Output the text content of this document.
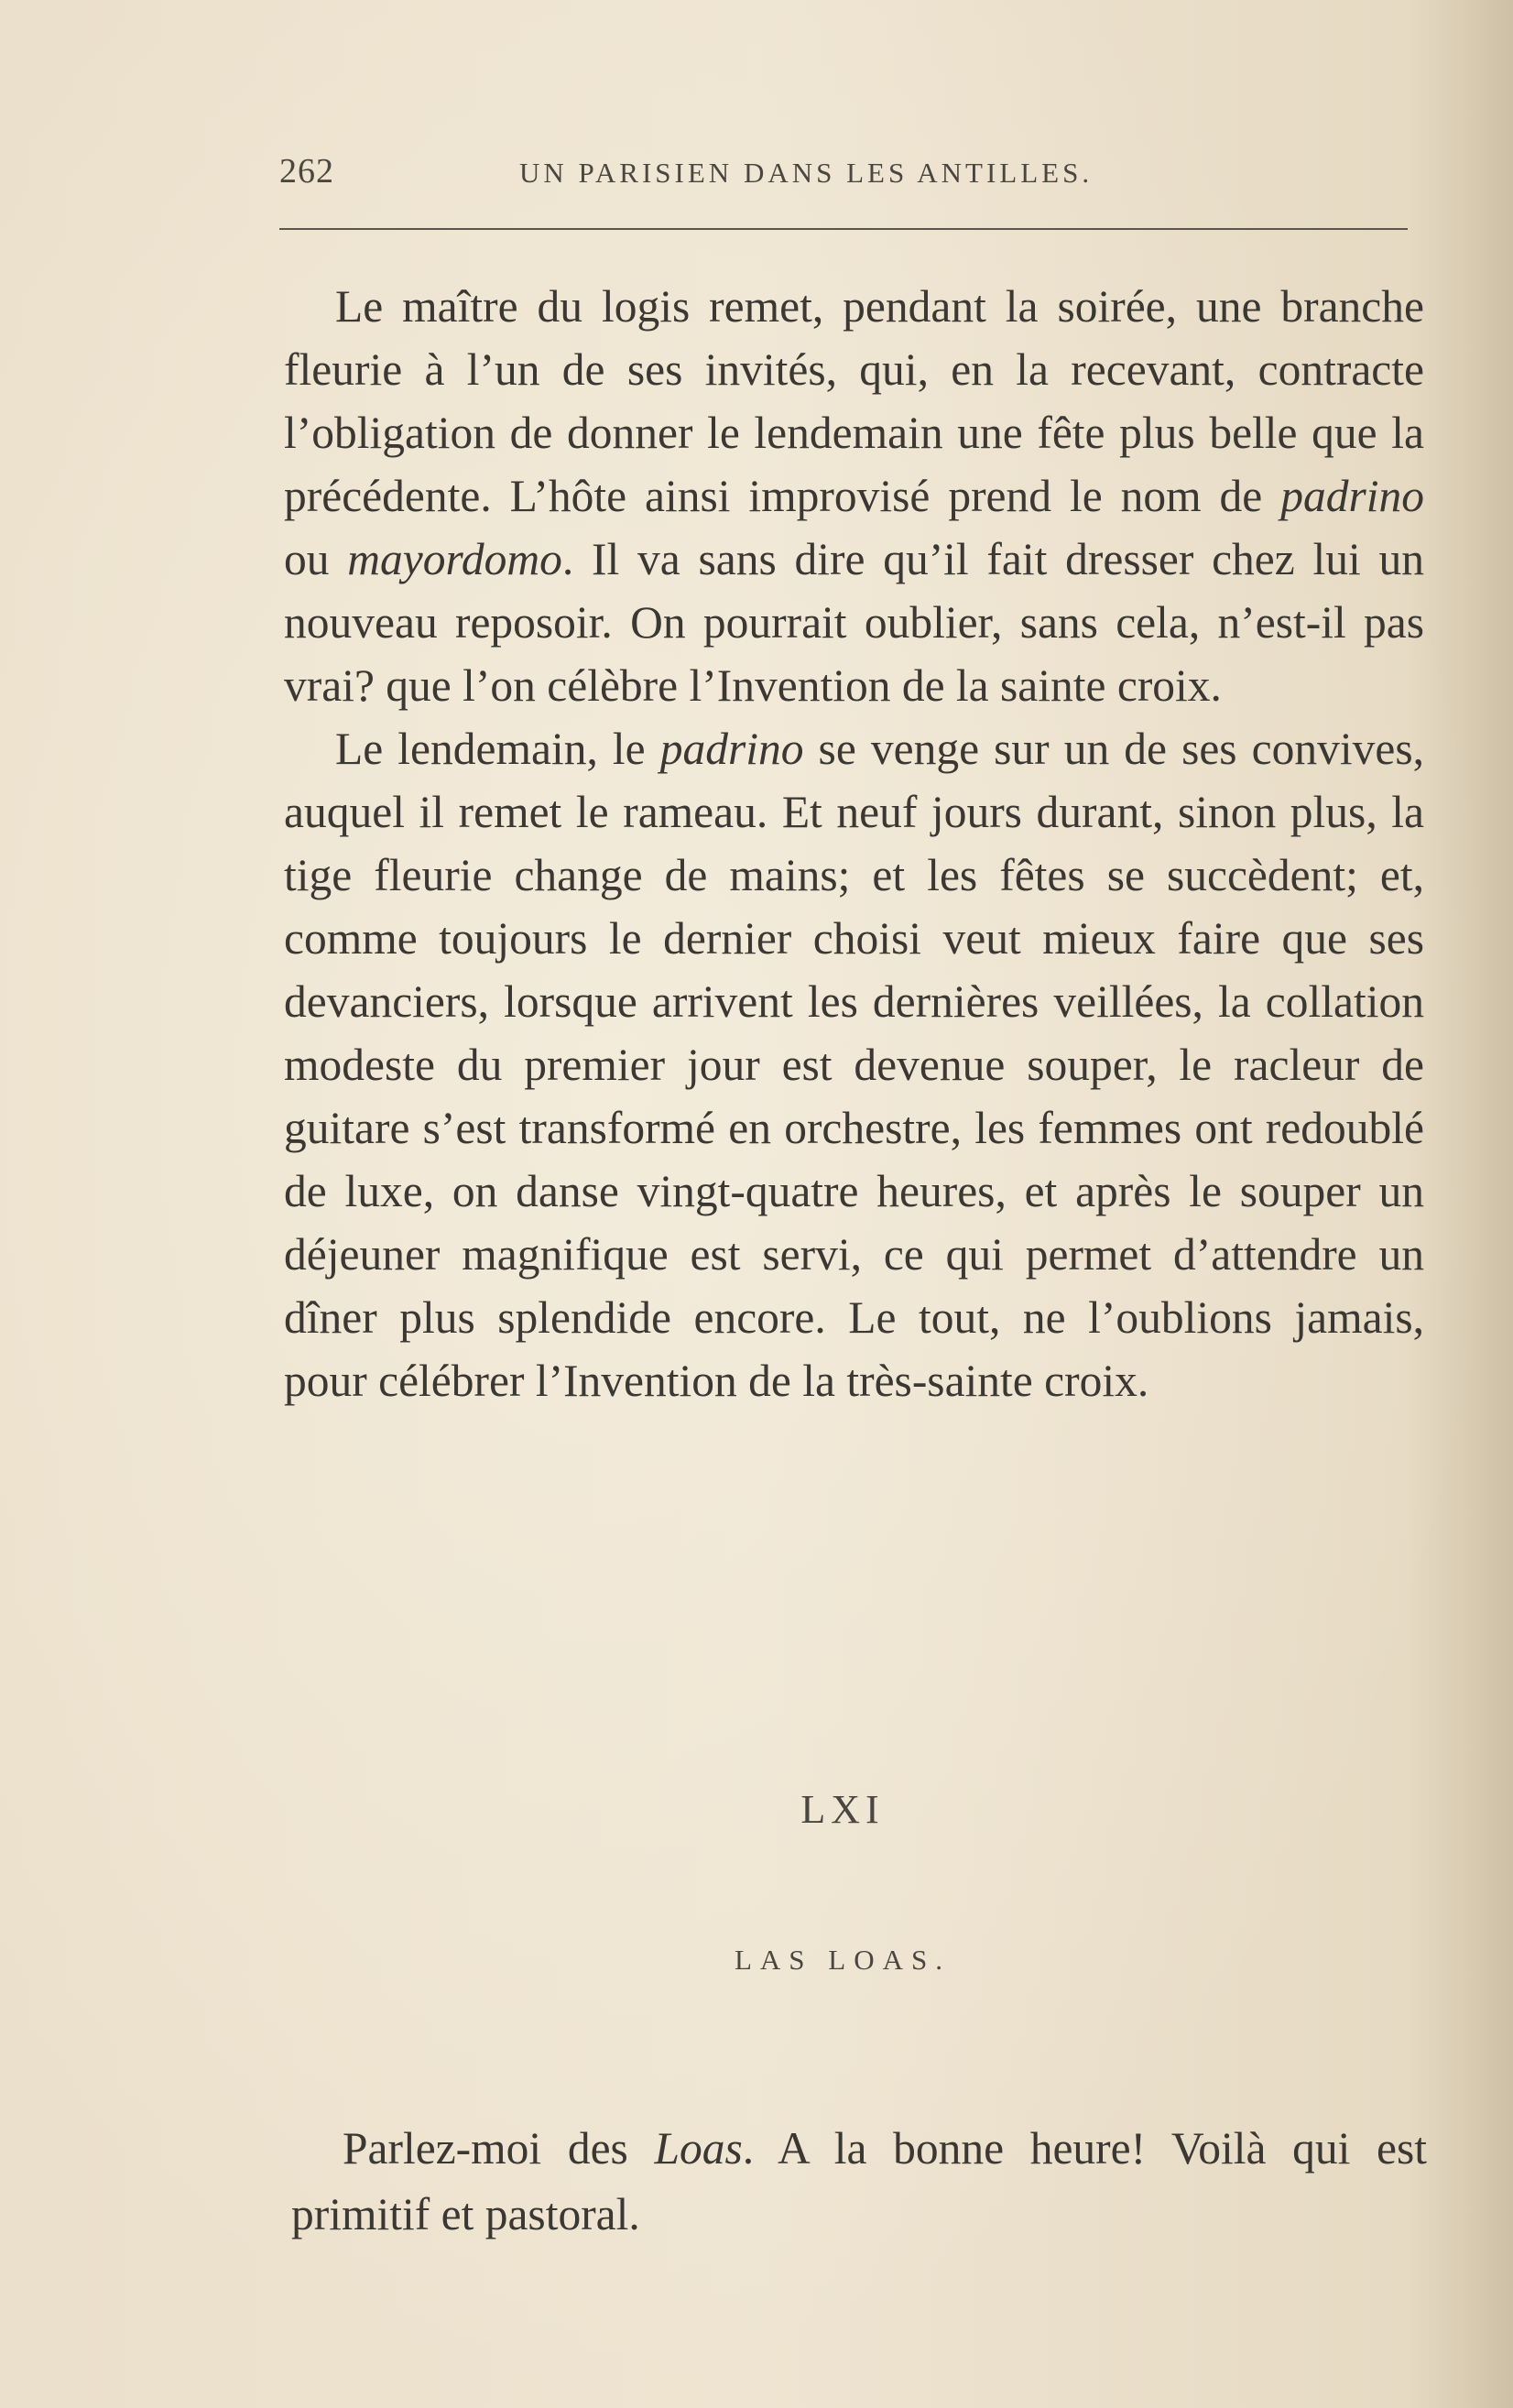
262	UN PARISIEN DANS LES ANTILLES.

Le maître du logis remet, pendant la soirée, une branche fleurie à l’un de ses invités, qui, en la recevant, contracte l’obligation de donner le lendemain une fête plus belle que la précédente. L’hôte ainsi improvisé prend le nom de padrino ou mayordomo. Il va sans dire qu’il fait dresser chez lui un nouveau reposoir. On pourrait oublier, sans cela, n’est-il pas vrai? que l’on célèbre l’Invention de la sainte croix.

Le lendemain, le padrino se venge sur un de ses convives, auquel il remet le rameau. Et neuf jours durant, sinon plus, la tige fleurie change de mains; et les fêtes se succèdent; et, comme toujours le dernier choisi veut mieux faire que ses devanciers, lorsque arrivent les dernières veillées, la collation modeste du premier jour est devenue souper, le racleur de guitare s’est transformé en orchestre, les femmes ont redoublé de luxe, on danse vingt-quatre heures, et après le souper un déjeuner magnifique est servi, ce qui permet d’attendre un dîner plus splendide encore. Le tout, ne l’oublions jamais, pour célébrer l’Invention de la très-sainte croix.

LXI
LAS LOAS.

Parlez-moi des Loas. A la bonne heure! Voilà qui est primitif et pastoral.
